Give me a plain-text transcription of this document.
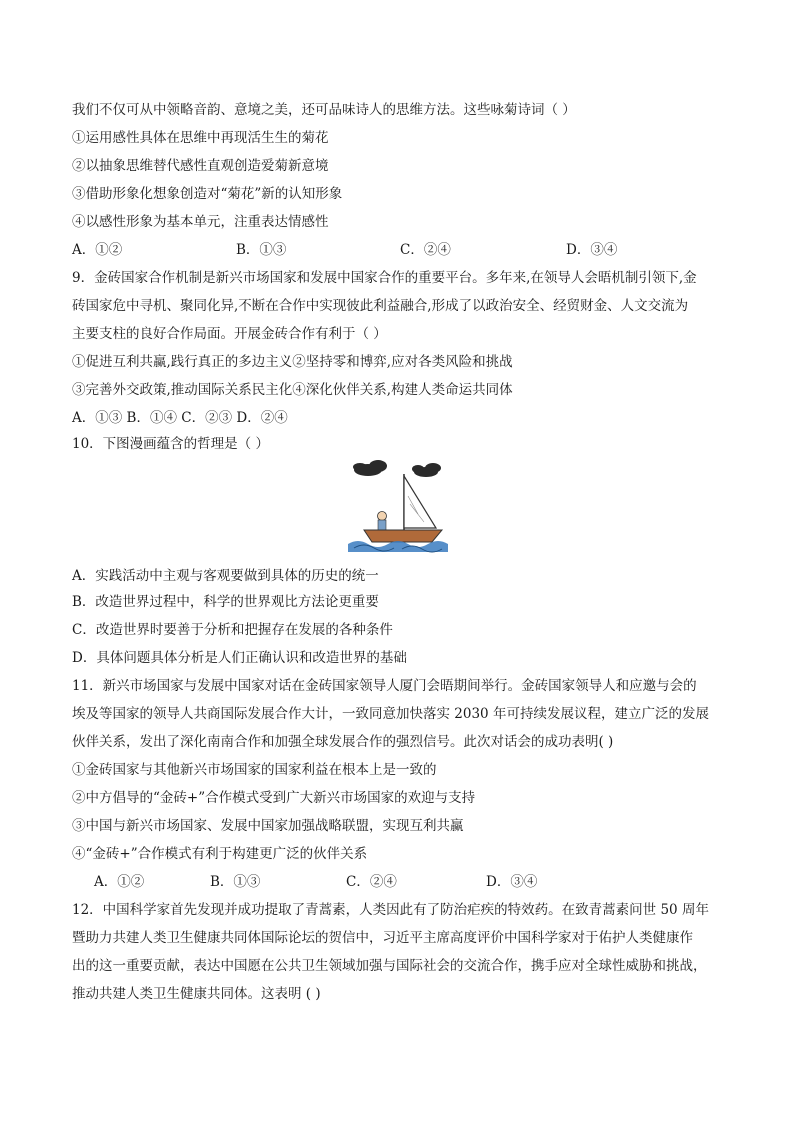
我们不仅可从中领略音韵、意境之美，还可品味诗人的思维方法。这些咏菊诗词（ ）
①运用感性具体在思维中再现活生生的菊花
②以抽象思维替代感性直观创造爱菊新意境
③借助形象化想象创造对“菊花”新的认知形象
④以感性形象为基本单元，注重表达情感性
A．①②	B．①③	C．②④	D．③④
9．金砖国家合作机制是新兴市场国家和发展中国家合作的重要平台。多年来,在领导人会晤机制引领下,金
砖国家危中寻机、聚同化异,不断在合作中实现彼此利益融合,形成了以政治安全、经贸财金、人文交流为
主要支柱的良好合作局面。开展金砖合作有利于（ ）
①促进互利共赢,践行真正的多边主义②坚持零和博弈,应对各类风险和挑战
③完善外交政策,推动国际关系民主化④深化伙伴关系,构建人类命运共同体
A．①③ B．①④ C．②③ D．②④
10．下图漫画蕴含的哲理是（ ）
A．实践活动中主观与客观要做到具体的历史的统一
B．改造世界过程中，科学的世界观比方法论更重要
C．改造世界时要善于分析和把握存在发展的各种条件
D．具体问题具体分析是人们正确认识和改造世界的基础
11．新兴市场国家与发展中国家对话在金砖国家领导人厦门会晤期间举行。金砖国家领导人和应邀与会的
埃及等国家的领导人共商国际发展合作大计，一致同意加快落实 2030 年可持续发展议程，建立广泛的发展
伙伴关系，发出了深化南南合作和加强全球发展合作的强烈信号。此次对话会的成功表明( )
①金砖国家与其他新兴市场国家的国家利益在根本上是一致的
②中方倡导的“金砖+”合作模式受到广大新兴市场国家的欢迎与支持
③中国与新兴市场国家、发展中国家加强战略联盟，实现互利共赢
④“金砖+”合作模式有利于构建更广泛的伙伴关系
A．①②	B．①③	C．②④	D．③④
12．中国科学家首先发现并成功提取了青蒿素，人类因此有了防治疟疾的特效药。在致青蒿素问世 50 周年
暨助力共建人类卫生健康共同体国际论坛的贺信中，习近平主席高度评价中国科学家对于佑护人类健康作
出的这一重要贡献，表达中国愿在公共卫生领域加强与国际社会的交流合作，携手应对全球性威胁和挑战，
推动共建人类卫生健康共同体。这表明 ( )
